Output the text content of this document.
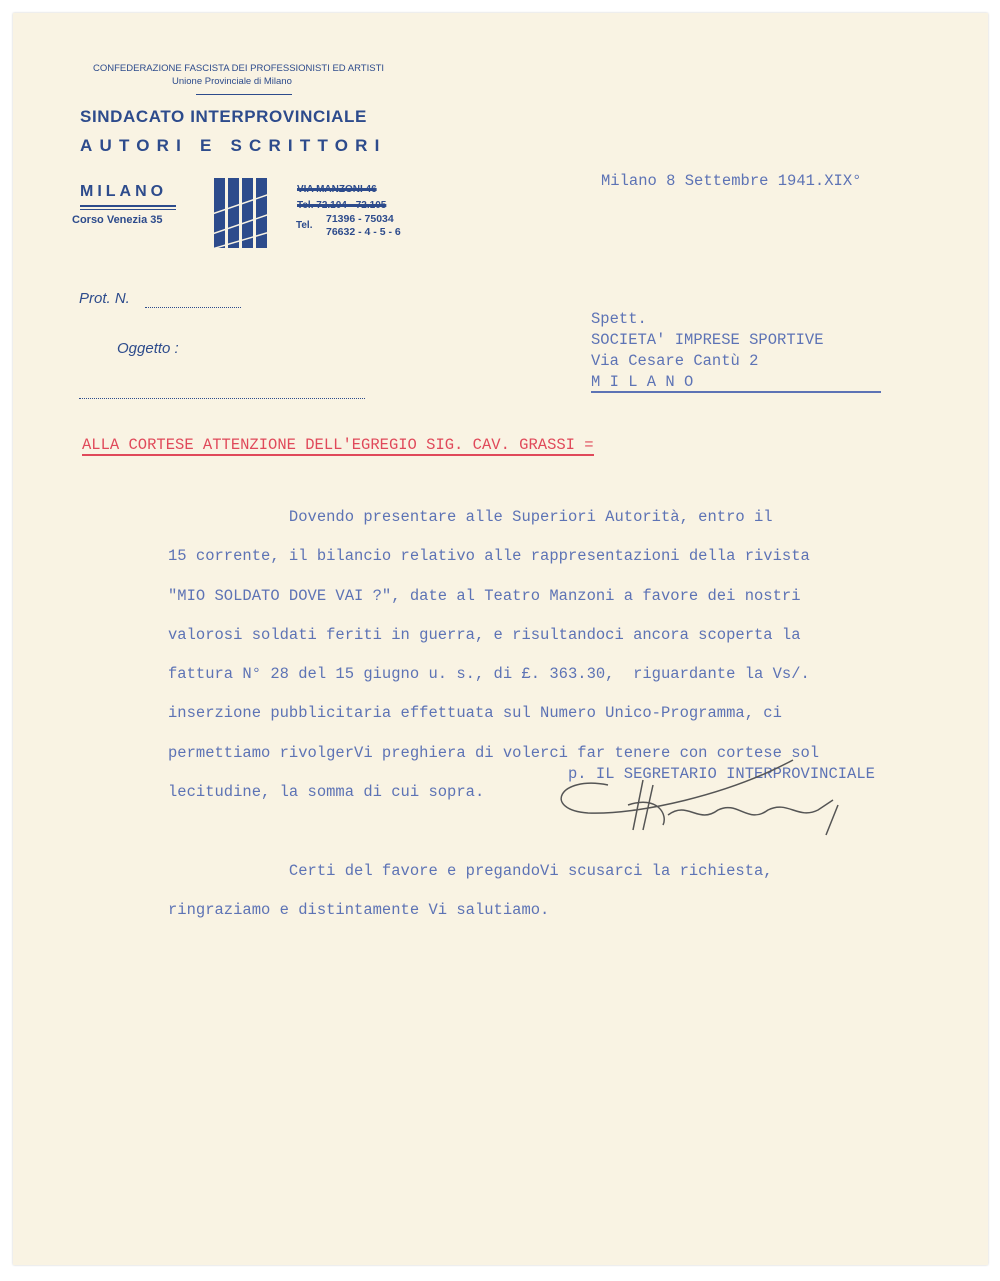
CONFEDERAZIONE FASCISTA DEI PROFESSIONISTI ED ARTISTI
Unione Provinciale di Milano
SINDACATO INTERPROVINCIALE
AUTORI E SCRITTORI
MILANO
Corso Venezia 35
VIA MANZONI 46
Tel. 72.104 - 72.105
Tel.
71396 - 75034
76632 - 4 - 5 - 6
Prot. N.
Oggetto :
Milano 8 Settembre 1941.XIX°
Spett.
SOCIETA' IMPRESE SPORTIVE
Via Cesare Cantù 2
M I L A N O
ALLA CORTESE ATTENZIONE DELL'EGREGIO SIG. CAV. GRASSI =

Dovendo presentare alle Superiori Autorità, entro il

15 corrente, il bilancio relativo alle rappresentazioni della rivista

"MIO SOLDATO DOVE VAI ?", date al Teatro Manzoni a favore dei nostri

valorosi soldati feriti in guerra, e risultandoci ancora scoperta la

fattura N° 28 del 15 giugno u. s., di £. 363.30,  riguardante la Vs/.

inserzione pubblicitaria effettuata sul Numero Unico-Programma, ci

permettiamo rivolgerVi preghiera di volerci far tenere con cortese sol

lecitudine, la somma di cui sopra.

Certi del favore e pregandoVi scusarci la richiesta,

ringraziamo e distintamente Vi salutiamo.

p. IL SEGRETARIO INTERPROVINCIALE
